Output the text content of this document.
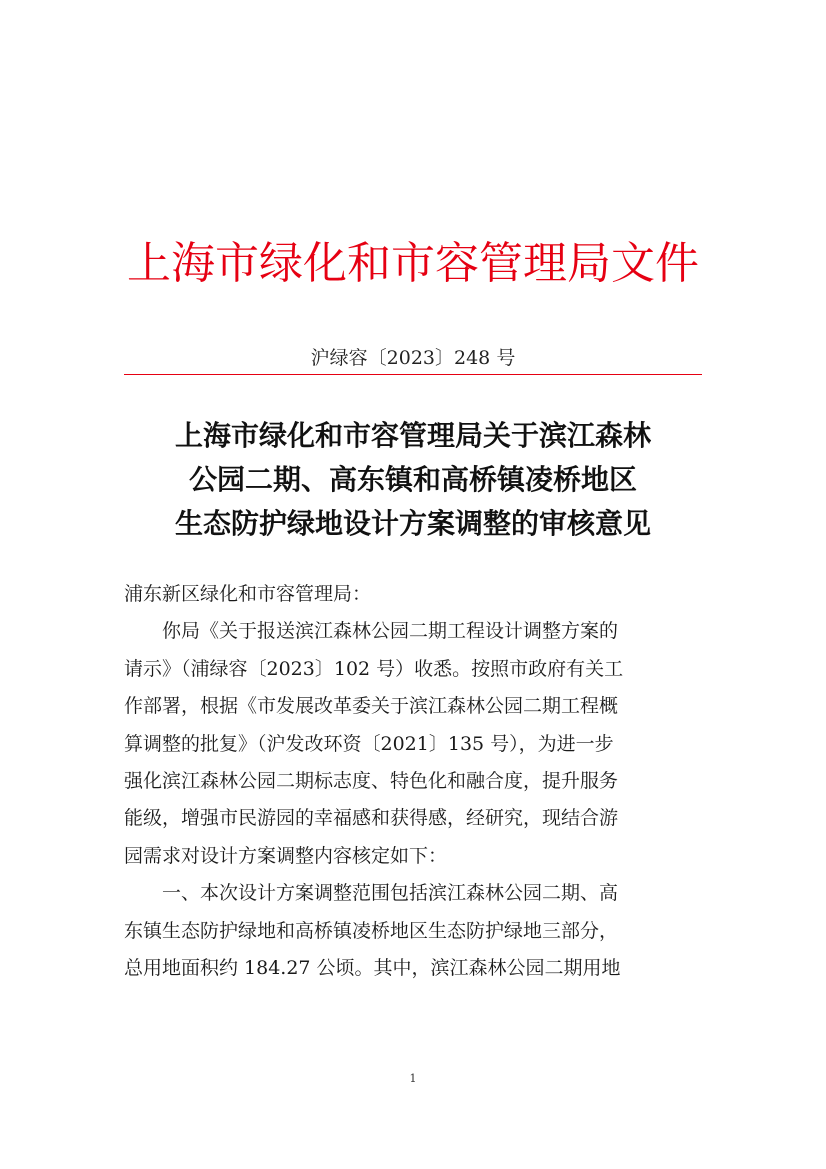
上海市绿化和市容管理局文件
沪绿容〔2023〕248 号
上海市绿化和市容管理局关于滨江森林
公园二期、高东镇和高桥镇凌桥地区
生态防护绿地设计方案调整的审核意见
浦东新区绿化和市容管理局：
你局《关于报送滨江森林公园二期工程设计调整方案的
请示》（浦绿容〔2023〕102 号）收悉。按照市政府有关工
作部署，根据《市发展改革委关于滨江森林公园二期工程概
算调整的批复》（沪发改环资〔2021〕135 号），为进一步
强化滨江森林公园二期标志度、特色化和融合度，提升服务
能级，增强市民游园的幸福感和获得感，经研究，现结合游
园需求对设计方案调整内容核定如下：
一、本次设计方案调整范围包括滨江森林公园二期、高
东镇生态防护绿地和高桥镇凌桥地区生态防护绿地三部分，
总用地面积约 184.27 公顷。其中，滨江森林公园二期用地
1
